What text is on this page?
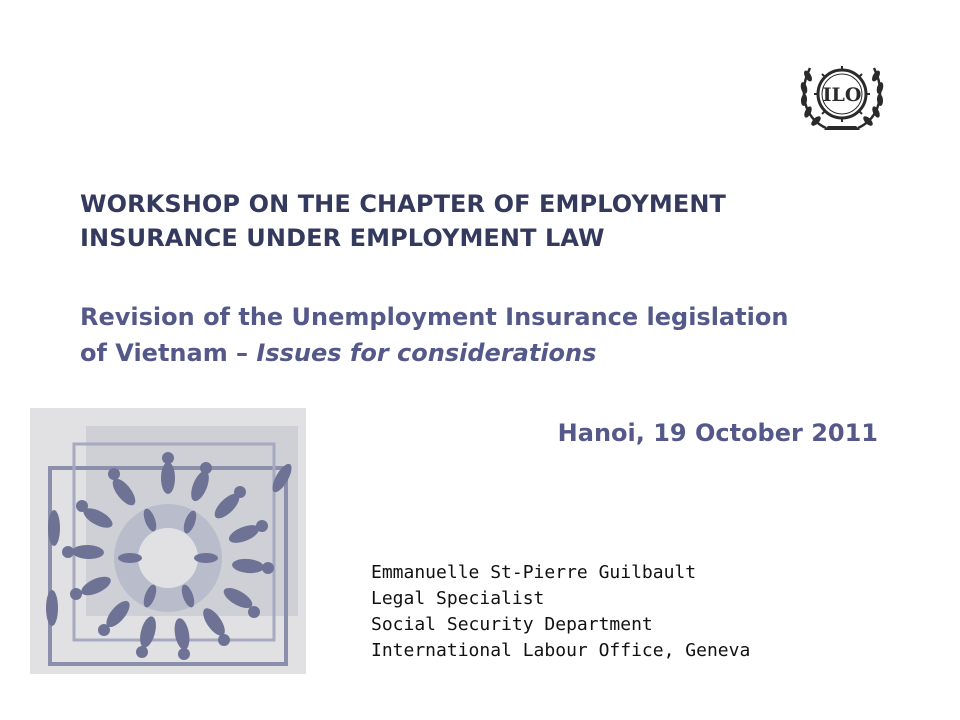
ILO
WORKSHOP ON THE CHAPTER OF EMPLOYMENT
INSURANCE UNDER EMPLOYMENT LAW
Revision of the Unemployment Insurance legislation
of Vietnam – Issues for considerations
Hanoi, 19 October 2011
Emmanuelle St-Pierre Guilbault
Legal Specialist
Social Security Department
International Labour Office, Geneva
